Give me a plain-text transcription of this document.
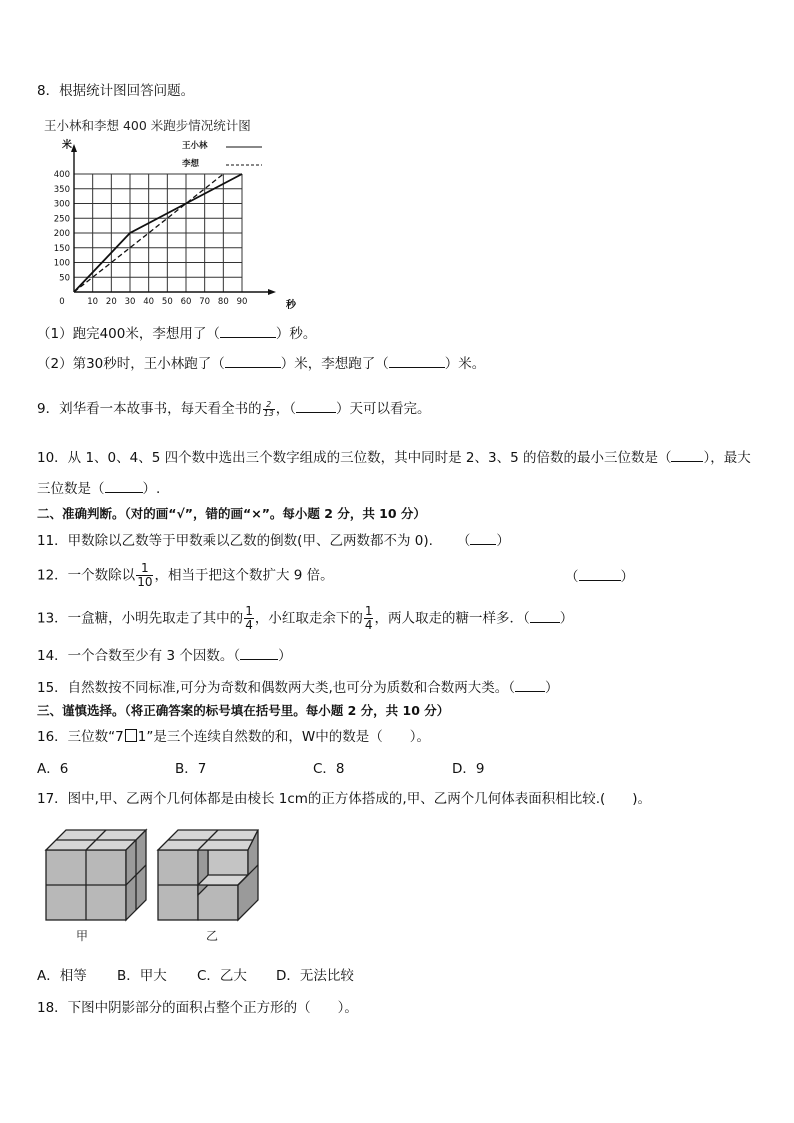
8．根据统计图回答问题。
王小林和李想 400 米跑步情况统计图
0	10 20 30 40 50 60 70 80 90
50
100
150
200
250
300
350
400
米
秒
王小林
李想
（1）跑完400米，李想用了（	）秒。
（2）第30秒时，王小林跑了（	）米，李想跑了（	）米。
9．刘华看一本故事书，每天看全书的 $\frac{2}{13}$ ，（	）天可以看完。
10．从 1、0、4、5 四个数中选出三个数字组成的三位数，其中同时是 2、3、5 的倍数的最小三位数是（ ），最大
三位数是（	）.
二、准确判断。（对的画“√”，错的画“×”。每小题 2 分，共 10 分）
11．甲数除以乙数等于甲数乘以乙数的倒数(甲、乙两数都不为 0). （ ）
12．一个数除以 $\frac{1}{10}$ ，相当于把这个数扩大 9 倍。	（	）
13．一盒糖，小明先取走了其中的 $\frac{1}{4}$ ，小红取走余下的 $\frac{1}{4}$ ，两人取走的糖一样多．（ ）
14．一个合数至少有 3 个因数。（	）
15．自然数按不同标准,可分为奇数和偶数两大类,也可分为质数和合数两大类。（ ）
三、谨慎选择。（将正确答案的标号填在括号里。每小题 2 分，共 10 分）
16．三位数“7 1”是三个连续自然数的和，W中的数是（　　）。
A．6	B．7	C．8	D．9
17．图中,甲、乙两个几何体都是由棱长 1cm的正方体搭成的,甲、乙两个几何体表面积相比较.(　　)。
甲	乙
A．相等 B．甲大 C．乙大 D．无法比较
18．下图中阴影部分的面积占整个正方形的（　　）。
